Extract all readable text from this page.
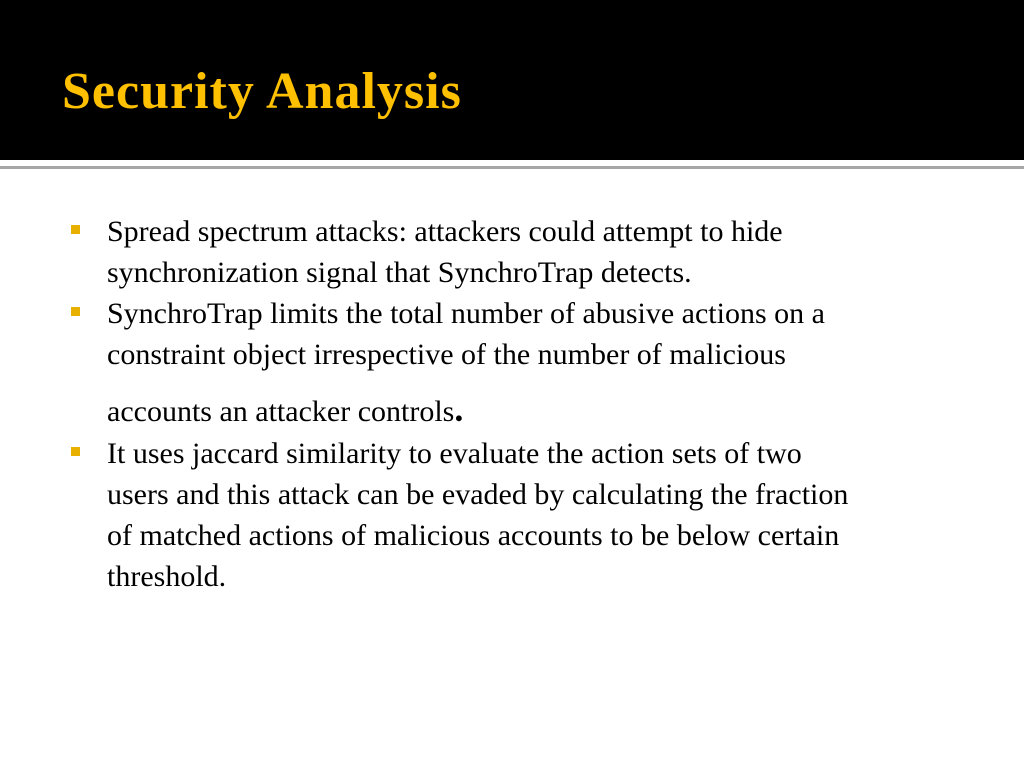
Security Analysis
Spread spectrum attacks: attackers could attempt to hide
synchronization signal that SynchroTrap detects.
SynchroTrap limits the total number of abusive actions on a
constraint object irrespective of the number of malicious
accounts an attacker controls.
It uses jaccard similarity to evaluate the action sets of two
users and this attack can be evaded by calculating the fraction
of matched actions of malicious accounts to be below certain
threshold.
